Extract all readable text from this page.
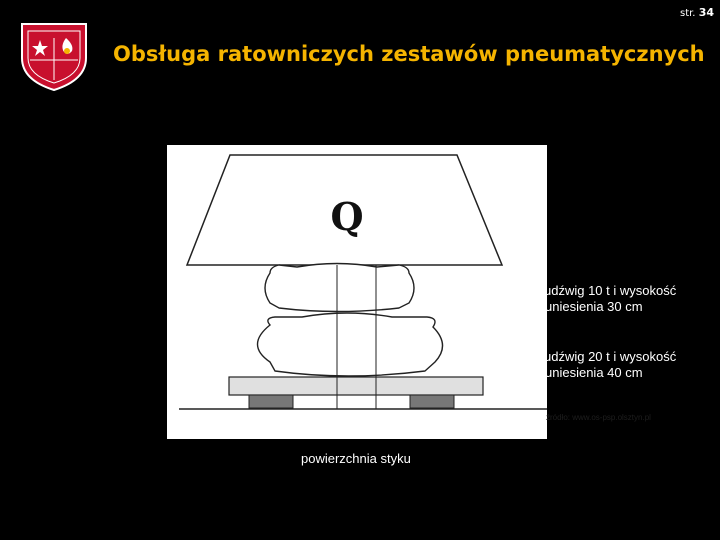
Obsługa ratowniczych zestawów pneumatycznych
str. 34
Q
← udźwig 10 t i wysokość
uniesienia 30 cm
← udźwig 20 t i wysokość
uniesienia 40 cm
źródło: www.os-psp.olsztyn.pl
powierzchnia styku
